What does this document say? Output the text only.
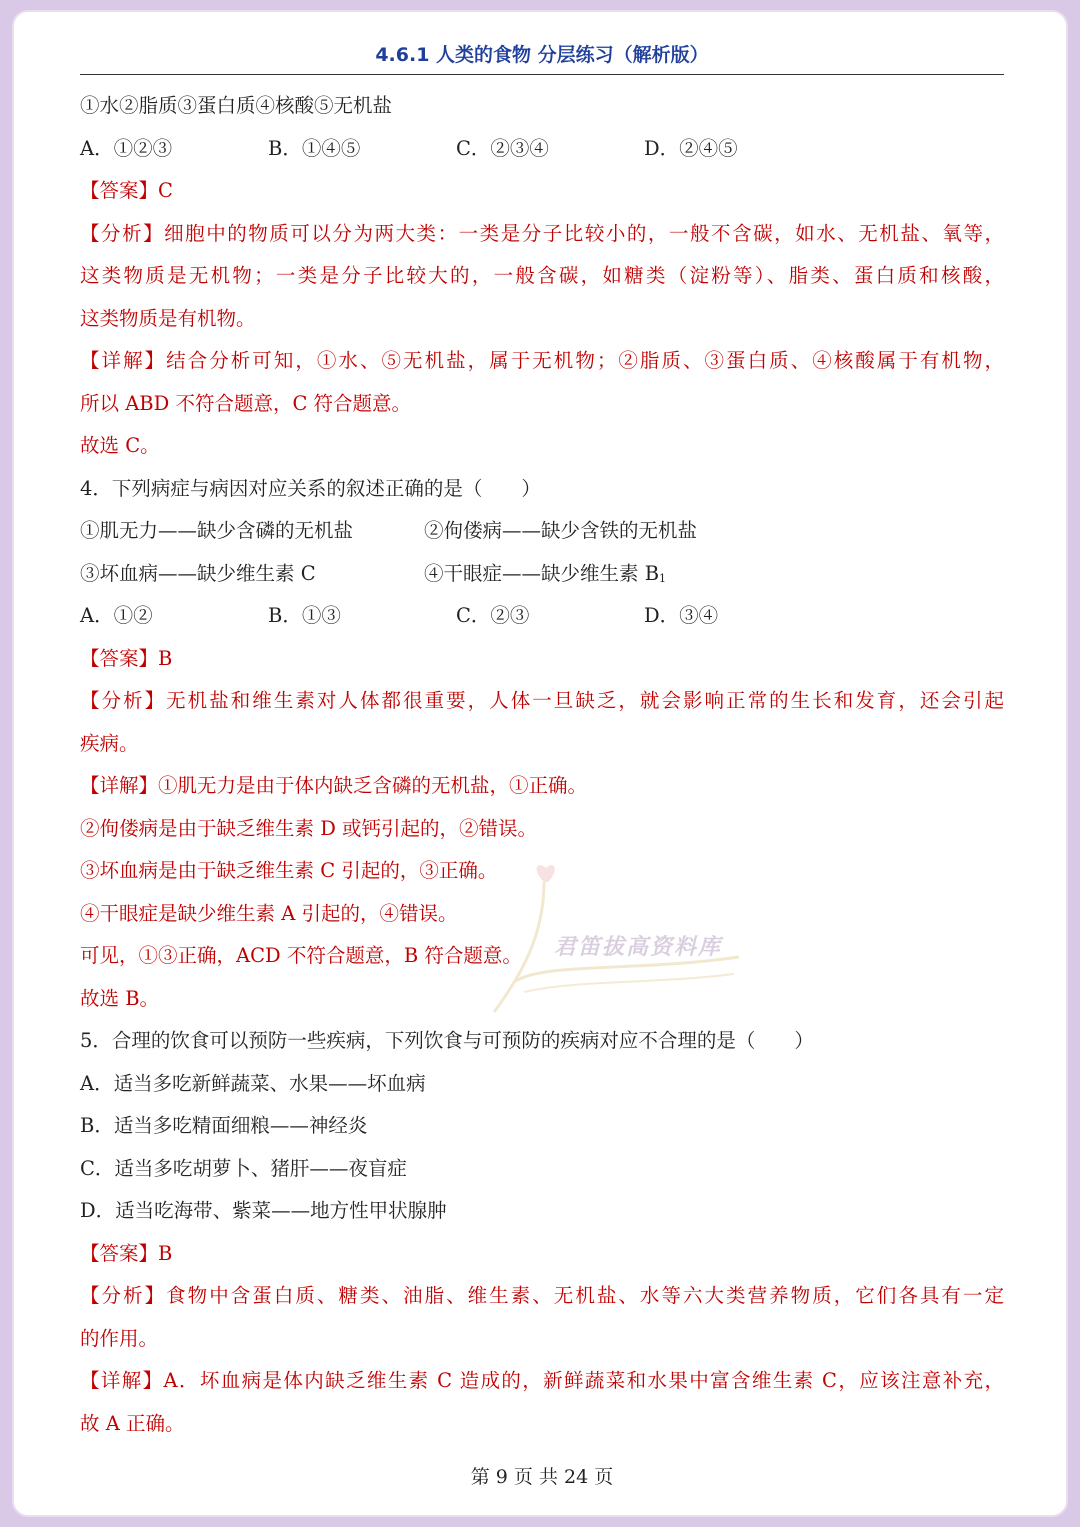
4.6.1 人类的食物 分层练习（解析版）
①水②脂质③蛋白质④核酸⑤无机盐
A．①②③	B．①④⑤	C．②③④	D．②④⑤
【答案】C
【分析】细胞中的物质可以分为两大类：一类是分子比较小的，一般不含碳，如水、无机盐、氧等，
这类物质是无机物；一类是分子比较大的，一般含碳，如糖类（淀粉等）、脂类、蛋白质和核酸，
这类物质是有机物。
【详解】结合分析可知，①水、⑤无机盐，属于无机物；②脂质、③蛋白质、④核酸属于有机物，
所以 ABD 不符合题意，C 符合题意。
故选 C。
4．下列病症与病因对应关系的叙述正确的是（　　）
①肌无力——缺少含磷的无机盐	②佝偻病——缺少含铁的无机盐
③坏血病——缺少维生素 C	④干眼症——缺少维生素 B1
A．①②	B．①③	C．②③	D．③④
【答案】B
【分析】无机盐和维生素对人体都很重要，人体一旦缺乏，就会影响正常的生长和发育，还会引起
疾病。
【详解】①肌无力是由于体内缺乏含磷的无机盐，①正确。
②佝偻病是由于缺乏维生素 D 或钙引起的，②错误。
③坏血病是由于缺乏维生素 C 引起的，③正确。
④干眼症是缺少维生素 A 引起的，④错误。
可见，①③正确，ACD 不符合题意，B 符合题意。
故选 B。
5．合理的饮食可以预防一些疾病，下列饮食与可预防的疾病对应不合理的是（　　）
A．适当多吃新鲜蔬菜、水果——坏血病
B．适当多吃精面细粮——神经炎
C．适当多吃胡萝卜、猪肝——夜盲症
D．适当吃海带、紫菜——地方性甲状腺肿
【答案】B
【分析】食物中含蛋白质、糖类、油脂、维生素、无机盐、水等六大类营养物质，它们各具有一定
的作用。
【详解】A．坏血病是体内缺乏维生素 C 造成的，新鲜蔬菜和水果中富含维生素 C，应该注意补充，
故 A 正确。
君笛拔高资料库
第 9 页 共 24 页
